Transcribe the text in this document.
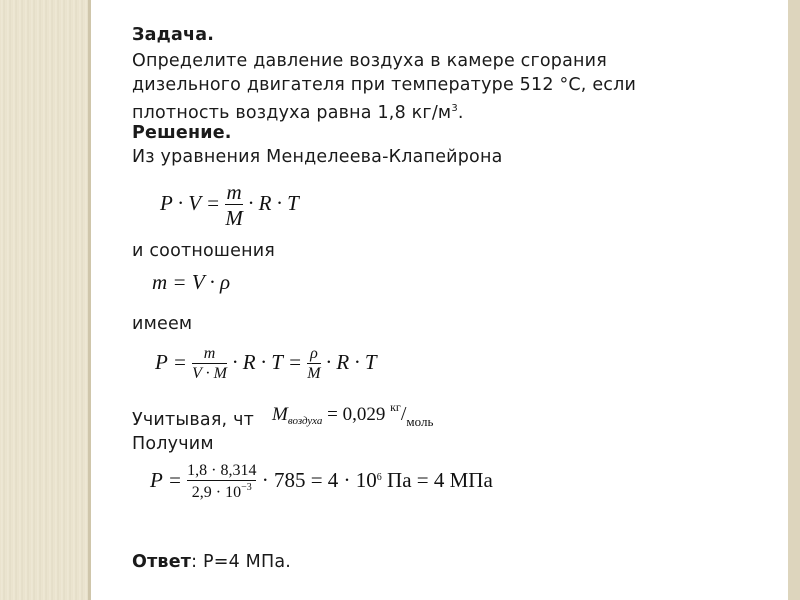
Задача.
Определите давление воздуха в камере сгорания
дизельного двигателя при температуре 512 °С, если
плотность воздуха равна 1,8 $кг/м^3$.
Решение.
Из уравнения Менделеева-Клапейрона
$P \cdot V = \frac{m}{M} \cdot R \cdot T$
и соотношения
m = V · ρ
имеем
$P = \frac{m}{V \cdot M} \cdot R \cdot T = \frac{\rho}{M} \cdot R \cdot T$
Учитывая, чт $M_{воздуха} = 0,029$ $^{кг}/_{моль}$
Получим
$P = \frac{1,8 \cdot 8,314}{2,9 \cdot 10^{-3}} \cdot 785 = 4 \cdot 10^6$ Па = 4 МПа
Ответ: Р=4 МПа.
